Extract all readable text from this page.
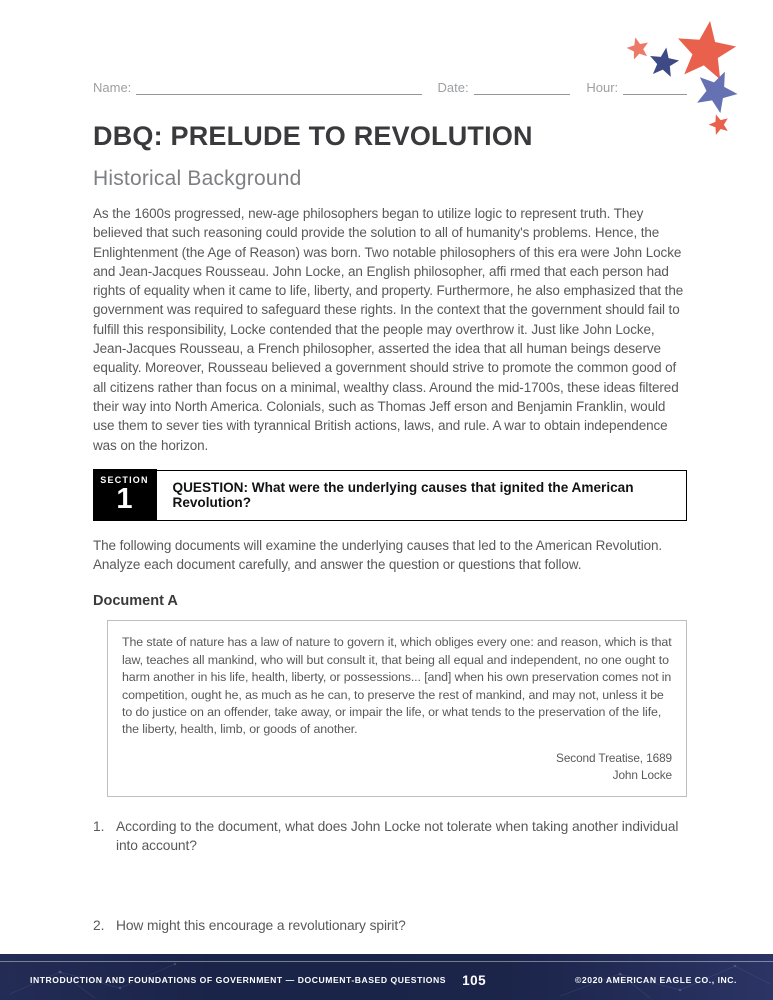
Name:	Date:	Hour:
DBQ: PRELUDE TO REVOLUTION
Historical Background

As the 1600s progressed, new-age philosophers began to utilize logic to represent truth. They believed that such reasoning could provide the solution to all of humanity's problems. Hence, the Enlightenment (the Age of Reason) was born. Two notable philosophers of this era were John Locke and Jean-Jacques Rousseau. John Locke, an English philosopher, affi rmed that each person had rights of equality when it came to life, liberty, and property. Furthermore, he also emphasized that the government was required to safeguard these rights. In the context that the government should fail to fulfill this responsibility, Locke contended that the people may overthrow it. Just like John Locke, Jean-Jacques Rousseau, a French philosopher, asserted the idea that all human beings deserve equality. Moreover, Rousseau believed a government should strive to promote the common good of all citizens rather than focus on a minimal, wealthy class. Around the mid-1700s, these ideas filtered their way into North America. Colonials, such as Thomas Jeff erson and Benjamin Franklin, would use them to sever ties with tyrannical British actions, laws, and rule. A war to obtain independence was on the horizon.

SECTION
1	QUESTION: What were the underlying causes that ignited the American Revolution?

The following documents will examine the underlying causes that led to the American Revolution. Analyze each document carefully, and answer the question or questions that follow.

Document A
The state of nature has a law of nature to govern it, which obliges every one: and reason, which is that law, teaches all mankind, who will but consult it, that being all equal and independent, no one ought to harm another in his life, health, liberty, or possessions... [and] when his own preservation comes not in competition, ought he, as much as he can, to preserve the rest of mankind, and may not, unless it be to do justice on an offender, take away, or impair the life, or what tends to the preservation of the life, the liberty, health, limb, or goods of another.
Second Treatise, 1689
John Locke
1. According to the document, what does John Locke not tolerate when taking another individual into account?
2. How might this encourage a revolutionary spirit?
INTRODUCTION AND FOUNDATIONS OF GOVERNMENT — DOCUMENT-BASED QUESTIONS 105	©2020 AMERICAN EAGLE CO., INC.
